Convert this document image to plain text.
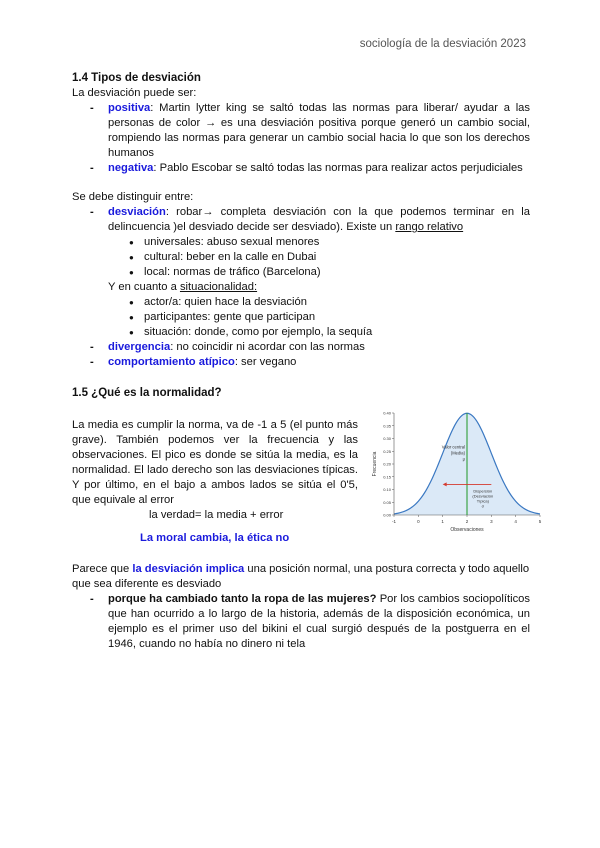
sociología de la desviación 2023
1.4 Tipos de desviación

La desviación puede ser:

- positiva: Martin lytter king se saltó todas las normas para liberar/ ayudar a las personas de color → es una desviación positiva porque generó un cambio social, rompiendo las normas para generar un cambio social hacia lo que son los derechos humanos
- negativa: Pablo Escobar se saltó todas las normas para realizar actos perjudiciales

Se debe distinguir entre:

- desviación: robar→ completa desviación con la que podemos terminar en la delincuencia )el desviado decide ser desviado). Existe un rango relativo
● universales: abuso sexual menores
● cultural: beber en la calle en Dubai
● local: normas de tráfico (Barcelona)

Y en cuanto a situacionalidad:

● actor/a: quien hace la desviación
● participantes: gente que participan
● situación: donde, como por ejemplo, la sequía
- divergencia: no coincidir ni acordar con las normas
- comportamiento atípico: ser vegano
1.5 ¿Qué es la normalidad?

La media es cumplir la norma, va de -1 a 5 (el punto más grave). También podemos ver la frecuencia y las observaciones. El pico es donde se sitúa la media, es la normalidad. El lado derecho son las desviaciones típicas. Y por último, en el bajo a ambos lados se sitúa el 0'5, que equivale al error

la verdad= la media + error

La moral cambia, la ética no

-1	0	1	2	3	4	5
0.00
0.05
0.10
0.15
0.20
0.25
0.30
0.35
0.40
Observaciones
Frecuencia
Valor central
(Media)
μ
Dispersión
(Desviación
Típica)
σ

Parece que la desviación implica una posición normal, una postura correcta y todo aquello que sea diferente es desviado

- porque ha cambiado tanto la ropa de las mujeres? Por los cambios sociopolíticos que han ocurrido a lo largo de la historia, además de la disposición económica, un ejemplo es el primer uso del bikini el cual surgió después de la postguerra en el 1946, cuando no había no dinero ni tela
